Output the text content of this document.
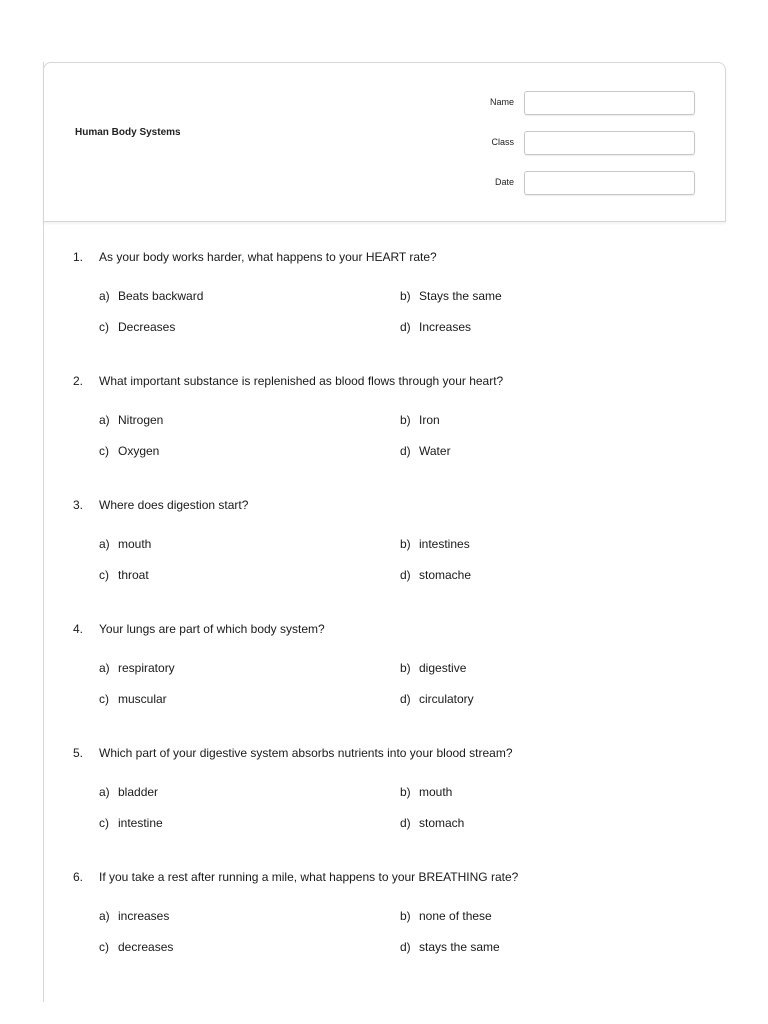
Human Body Systems
Name
Class
Date
1. As your body works harder, what happens to your HEART rate?
a) Beats backward	b) Stays the same
c) Decreases	d) Increases
2. What important substance is replenished as blood flows through your heart?
a) Nitrogen	b) Iron
c) Oxygen	d) Water
3. Where does digestion start?
a) mouth	b) intestines
c) throat	d) stomache
4. Your lungs are part of which body system?
a) respiratory	b) digestive
c) muscular	d) circulatory
5. Which part of your digestive system absorbs nutrients into your blood stream?
a) bladder	b) mouth
c) intestine	d) stomach
6. If you take a rest after running a mile, what happens to your BREATHING rate?
a) increases	b) none of these
c) decreases	d) stays the same
